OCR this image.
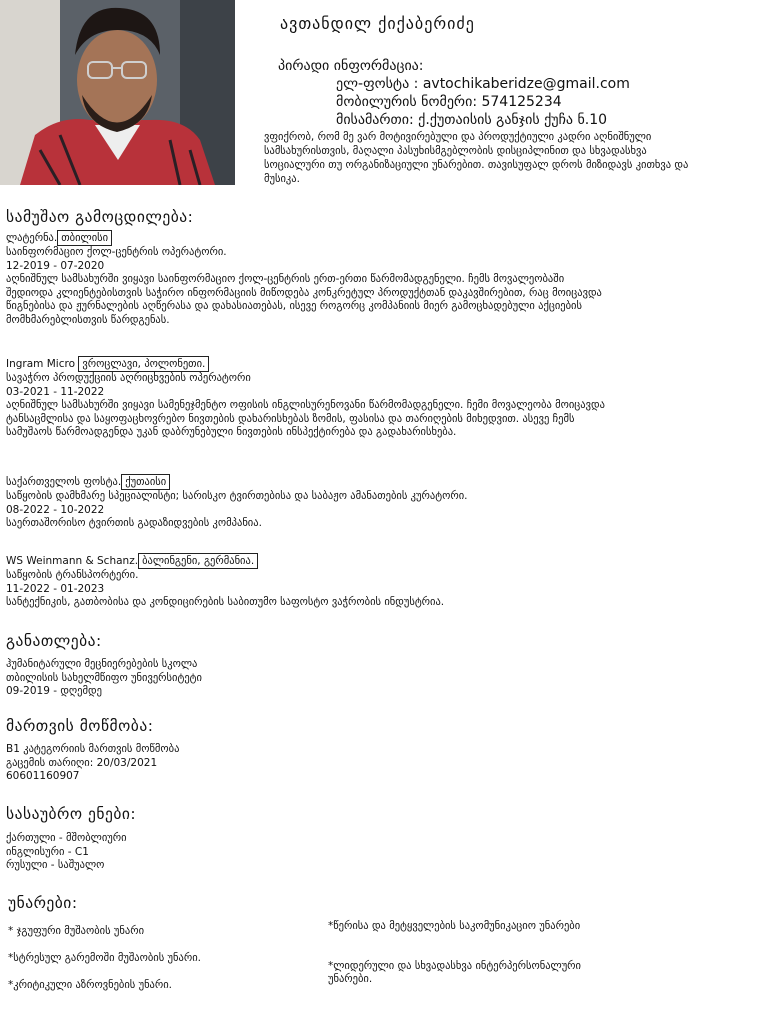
ავთანდილ ქიქაბერიძე
პირადი ინფორმაცია:
ელ-ფოსტა : avtochikaberidze@gmail.com
მობილურის ნომერი: 574125234
მისამართი: ქ.ქუთაისის განჯის ქუჩა ნ.10
ვფიქრობ, რომ მე ვარ მოტივირებული და პროდუქტიული კადრი აღნიშნული სამსახურისთვის, მაღალი პასუხისმგებლობის დისციპლინით და სხვადასხვა სოციალური თუ ორგანიზაციული უნარებით. თავისუფალ დროს მიზიდავს კითხვა და მუსიკა.
სამუშაო გამოცდილება:
ლატერნა. თბილისი
საინფორმაციო ქოლ-ცენტრის ოპერატორი.
12-2019 - 07-2020
აღნიშნულ სამსახურში ვიყავი საინფორმაციო ქოლ-ცენტრის ერთ-ერთი წარმომადგენელი. ჩემს მოვალეობაში შედიოდა კლიენტებისთვის საჭირო ინფორმაციის მიწოდება კონკრეტულ პროდუქტთან დაკავშირებით, რაც მოიცავდა წიგნებისა და ჟურნალების აღწერასა და დახასიათებას, ისევე როგორც კომპანიის მიერ გამოცხადებული აქციების მომხმარებლისთვის წარდგენას.
Ingram Micro ვროცლავი, პოლონეთი.
სავაჭრო პროდუქციის აღრიცხვების ოპერატორი
03-2021 - 11-2022
აღნიშნულ სამსახურში ვიყავი სამენეჯმენტო ოფისის ინგლისურენოვანი წარმომადგენელი. ჩემი მოვალეობა მოიცავდა ტანსაცმლისა და საყოფაცხოვრებო ნივთების დახარისხებას ზომის, ფასისა და თარიღების მიხედვით. ასევე ჩემს სამუშაოს წარმოადგენდა უკან დაბრუნებული ნივთების ინსპექტირება და გადახარისხება.
საქართველოს ფოსტა. ქუთაისი
საწყობის დამხმარე სპეციალისტი; სარისკო ტვირთებისა და საბაჟო ამანათების კურატორი.
08-2022 - 10-2022
საერთაშორისო ტვირთის გადაზიდვების კომპანია.
WS Weinmann & Schanz. ბალინგენი, გერმანია.
საწყობის ტრანსპორტერი.
11-2022 - 01-2023
სანტექნიკის, გათბობისა და კონდიცირების საბითუმო საფოსტო ვაჭრობის ინდუსტრია.
განათლება:
ჰუმანიტარული მეცნიერებების სკოლა
თბილისის სახელმწიფო უნივერსიტეტი
09-2019 - დღემდე
მართვის მოწმობა:
B1 კატეგორიის მართვის მოწმობა
გაცემის თარიღი: 20/03/2021
60601160907
სასაუბრო ენები:
ქართული - მშობლიური
ინგლისური - C1
რუსული - საშუალო
უნარები:
* ჯგუფური მუშაობის უნარი
*სტრესულ გარემოში მუშაობის უნარი.
*კრიტიკული აზროვნების უნარი.
*წერისა და მეტყველების საკომუნიკაციო უნარები
*ლიდერული და სხვადასხვა ინტერპერსონალური უნარები.
